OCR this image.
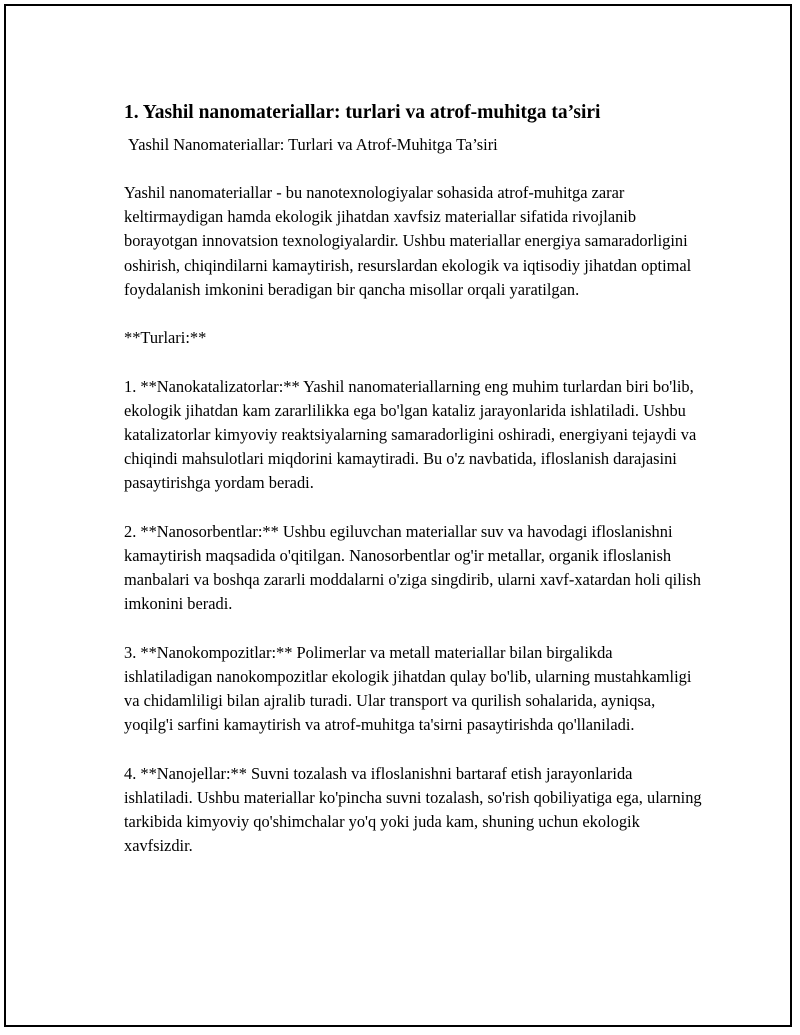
1. Yashil nanomateriallar: turlari va atrof-muhitga ta’siri

Yashil Nanomateriallar: Turlari va Atrof-Muhitga Ta’siri

Yashil nanomateriallar - bu nanotexnologiyalar sohasida atrof-muhitga zarar keltirmaydigan hamda ekologik jihatdan xavfsiz materiallar sifatida rivojlanib borayotgan innovatsion texnologiyalardir. Ushbu materiallar energiya samaradorligini oshirish, chiqindilarni kamaytirish, resurslardan ekologik va iqtisodiy jihatdan optimal foydalanish imkonini beradigan bir qancha misollar orqali yaratilgan.

**Turlari:**

1. **Nanokatalizatorlar:** Yashil nanomateriallarning eng muhim turlardan biri bo'lib, ekologik jihatdan kam zararlilikka ega bo'lgan kataliz jarayonlarida ishlatiladi. Ushbu katalizatorlar kimyoviy reaktsiyalarning samaradorligini oshiradi, energiyani tejaydi va chiqindi mahsulotlari miqdorini kamaytiradi. Bu o'z navbatida, ifloslanish darajasini pasaytirishga yordam beradi.

2. **Nanosorbentlar:** Ushbu egiluvchan materiallar suv va havodagi ifloslanishni kamaytirish maqsadida o'qitilgan. Nanosorbentlar og'ir metallar, organik ifloslanish manbalari va boshqa zararli moddalarni o'ziga singdirib, ularni xavf-xatardan holi qilish imkonini beradi.

3. **Nanokompozitlar:** Polimerlar va metall materiallar bilan birgalikda ishlatiladigan nanokompozitlar ekologik jihatdan qulay bo'lib, ularning mustahkamligi va chidamliligi bilan ajralib turadi. Ular transport va qurilish sohalarida, ayniqsa, yoqilg'i sarfini kamaytirish va atrof-muhitga ta'sirni pasaytirishda qo'llaniladi.

4. **Nanojellar:** Suvni tozalash va ifloslanishni bartaraf etish jarayonlarida ishlatiladi. Ushbu materiallar ko'pincha suvni tozalash, so'rish qobiliyatiga ega, ularning tarkibida kimyoviy qo'shimchalar yo'q yoki juda kam, shuning uchun ekologik xavfsizdir.
